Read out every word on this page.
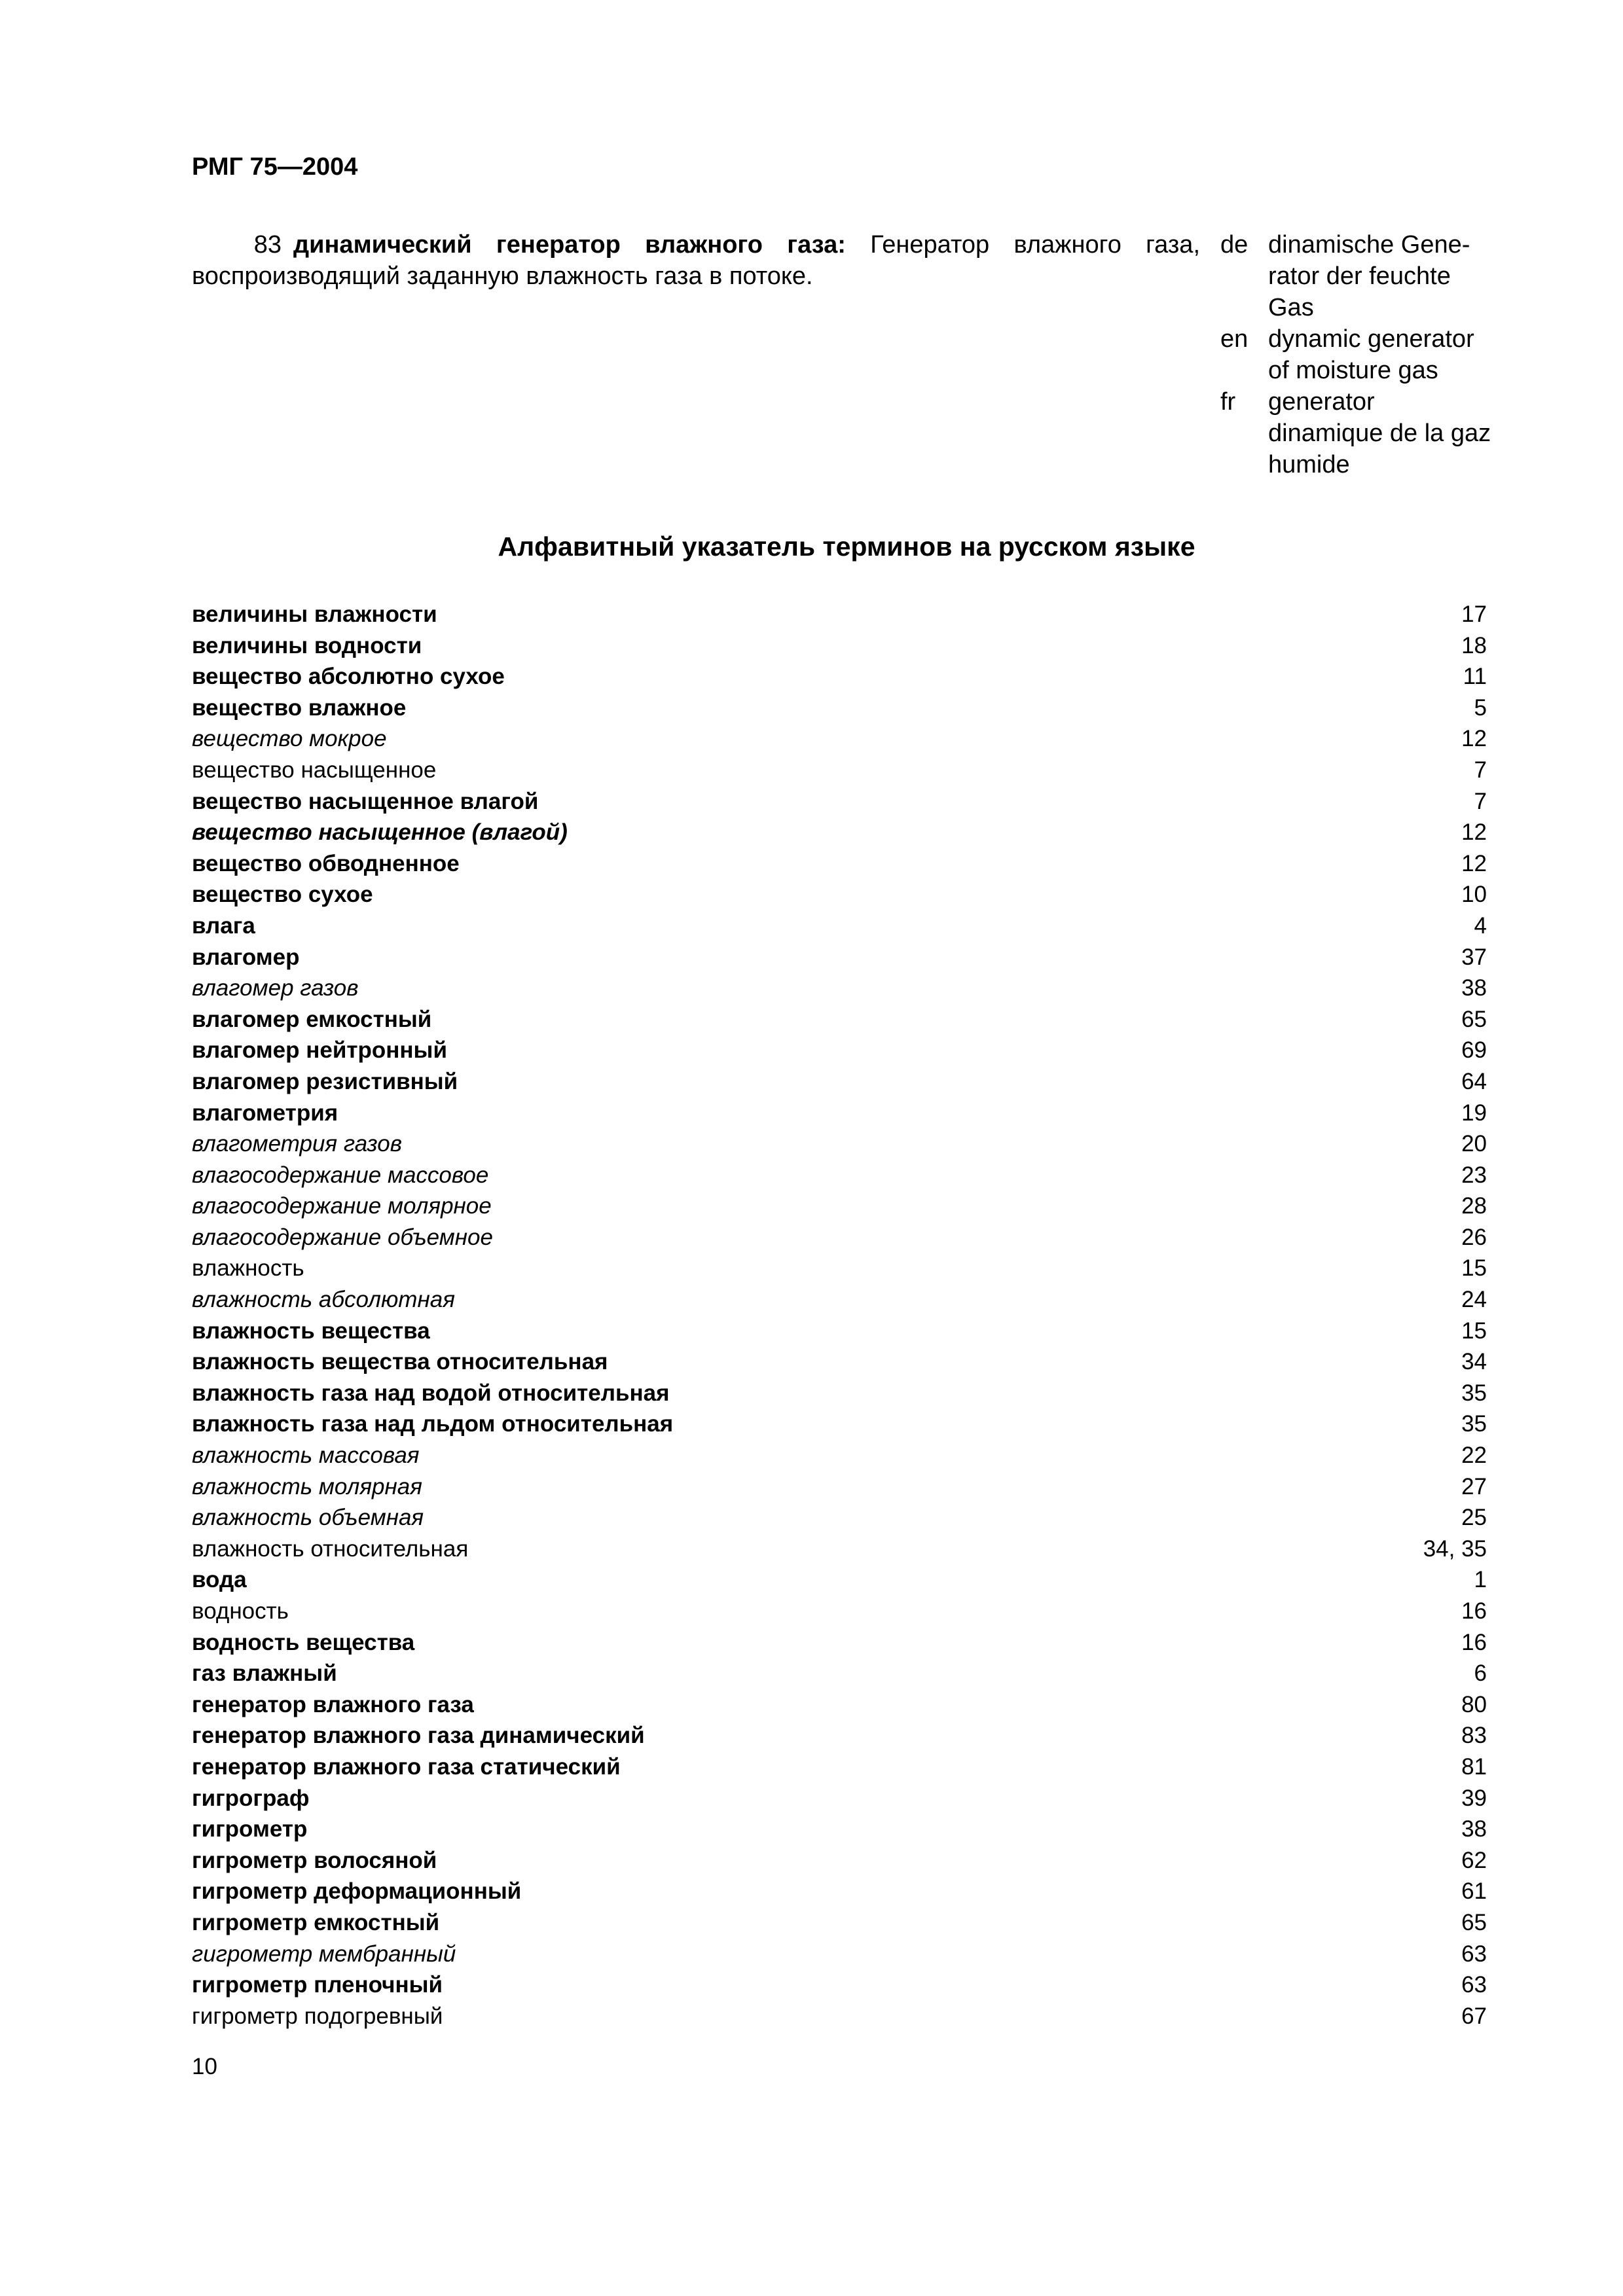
РМГ 75—2004
83 динамический генератор влажного газа: Генератор влажного газа, воспроизводящий заданную влажность газа в потоке.
de dinamische Gene-rator der feuchte Gas
en dynamic generator of moisture gas
fr	generator dinamique de la gaz humide
Алфавитный указатель терминов на русском языке
величины влажности	17
величины водности	18
вещество абсолютно сухое	11
вещество влажное	5
вещество мокрое	12
вещество насыщенное	7
вещество насыщенное влагой	7
вещество насыщенное (влагой)	12
вещество обводненное	12
вещество сухое	10
влага	4
влагомер	37
влагомер газов	38
влагомер емкостный	65
влагомер нейтронный	69
влагомер резистивный	64
влагометрия	19
влагометрия газов	20
влагосодержание массовое	23
влагосодержание молярное	28
влагосодержание объемное	26
влажность	15
влажность абсолютная	24
влажность вещества	15
влажность вещества относительная	34
влажность газа над водой относительная	35
влажность газа над льдом относительная	35
влажность массовая	22
влажность молярная	27
влажность объемная	25
влажность относительная	34, 35
вода	1
водность	16
водность вещества	16
газ влажный	6
генератор влажного газа	80
генератор влажного газа динамический	83
генератор влажного газа статический	81
гигрограф	39
гигрометр	38
гигрометр волосяной	62
гигрометр деформационный	61
гигрометр емкостный	65
гигрометр мембранный	63
гигрометр пленочный	63
гигрометр подогревный	67
10
